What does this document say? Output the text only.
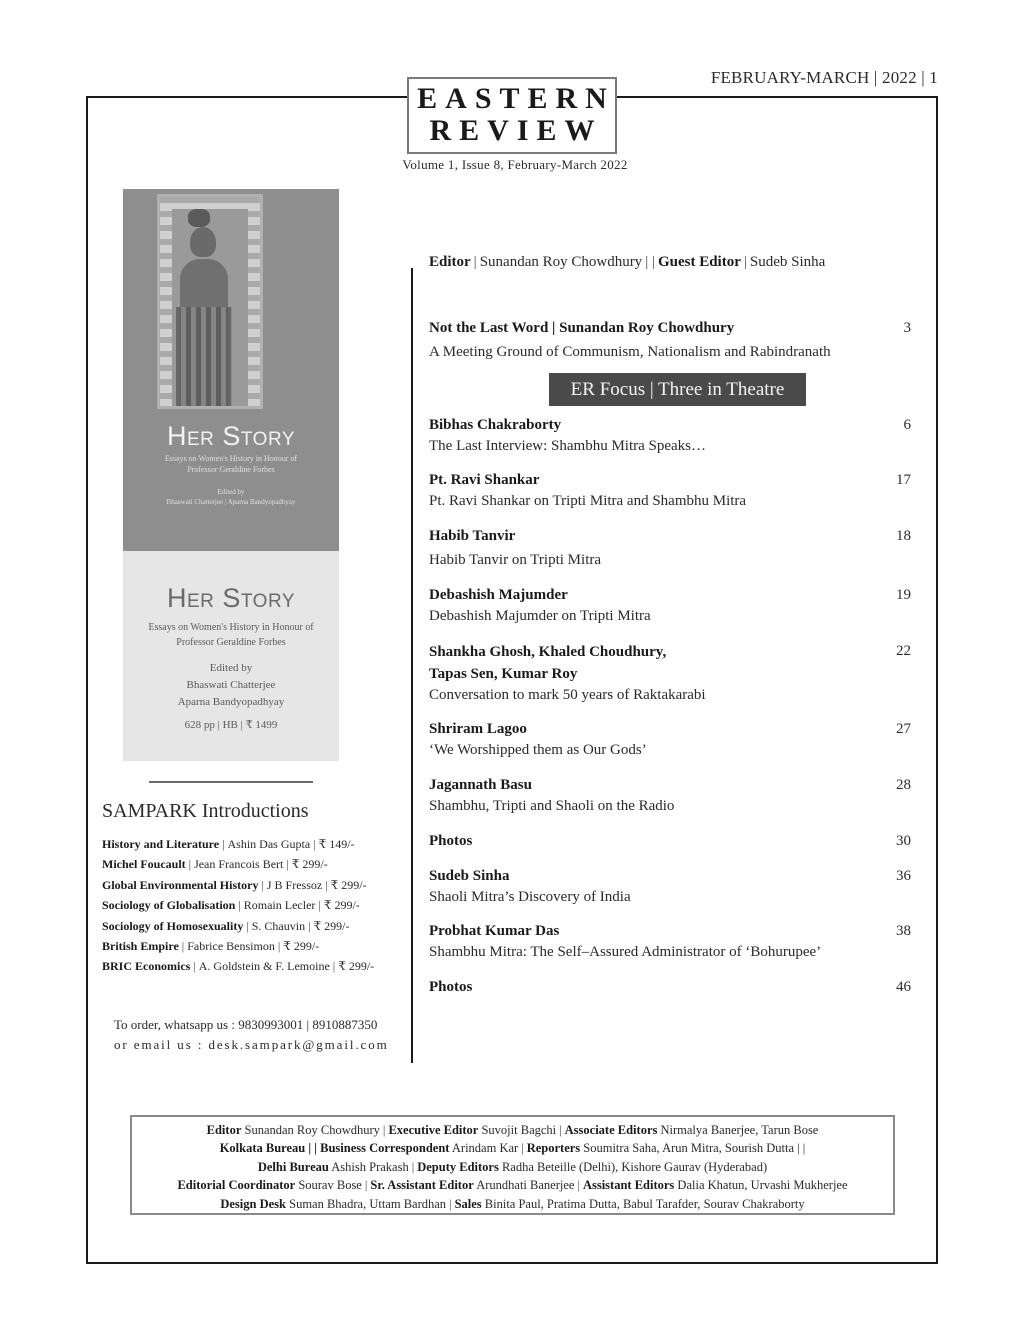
FEBRUARY-MARCH | 2022 | 1
EASTERN
REVIEW
Volume 1, Issue 8, February-March 2022
Her Story
Essays on Women's History in Honour of
Professor Geraldine Forbes
Edited by
Bhaswati Chatterjee | Aparna Bandyopadhyay
Her Story
Essays on Women's History in Honour of
Professor Geraldine Forbes
Edited by
Bhaswati Chatterjee
Aparna Bandyopadhyay
628 pp | HB | ₹ 1499
SAMPARK Introductions
History and Literature | Ashin Das Gupta | ₹ 149/-
Michel Foucault | Jean Francois Bert | ₹ 299/-
Global Environmental History | J B Fressoz | ₹ 299/-
Sociology of Globalisation | Romain Lecler | ₹ 299/-
Sociology of Homosexuality | S. Chauvin | ₹ 299/-
British Empire | Fabrice Bensimon | ₹ 299/-
BRIC Economics | A. Goldstein & F. Lemoine | ₹ 299/-
To order, whatsapp us : 9830993001 | 8910887350
or email us : desk.sampark@gmail.com
Editor | Sunandan Roy Chowdhury | | Guest Editor | Sudeb Sinha
Not the Last Word | Sunandan Roy Chowdhury
A Meeting Ground of Communism, Nationalism and Rabindranath
3
ER Focus | Three in Theatre
Bibhas Chakraborty
The Last Interview: Shambhu Mitra Speaks…
6
Pt. Ravi Shankar
Pt. Ravi Shankar on Tripti Mitra and Shambhu Mitra
17
Habib Tanvir
Habib Tanvir on Tripti Mitra
18
Debashish Majumder
Debashish Majumder on Tripti Mitra
19
Shankha Ghosh, Khaled Choudhury,
Tapas Sen, Kumar Roy
Conversation to mark 50 years of Raktakarabi
22
Shriram Lagoo
‘We Worshipped them as Our Gods’
27
Jagannath Basu
Shambhu, Tripti and Shaoli on the Radio
28
Photos	30
Sudeb Sinha
Shaoli Mitra’s Discovery of India
36
Probhat Kumar Das
Shambhu Mitra: The Self–Assured Administrator of ‘Bohurupee’
38
Photos	46
Editor Sunandan Roy Chowdhury | Executive Editor Suvojit Bagchi | Associate Editors Nirmalya Banerjee, Tarun Bose
Kolkata Bureau | | Business Correspondent Arindam Kar | Reporters Soumitra Saha, Arun Mitra, Sourish Dutta | |
Delhi Bureau Ashish Prakash | Deputy Editors Radha Beteille (Delhi), Kishore Gaurav (Hyderabad)
Editorial Coordinator Sourav Bose | Sr. Assistant Editor Arundhati Banerjee | Assistant Editors Dalia Khatun, Urvashi Mukherjee
Design Desk Suman Bhadra, Uttam Bardhan | Sales Binita Paul, Pratima Dutta, Babul Tarafder, Sourav Chakraborty
